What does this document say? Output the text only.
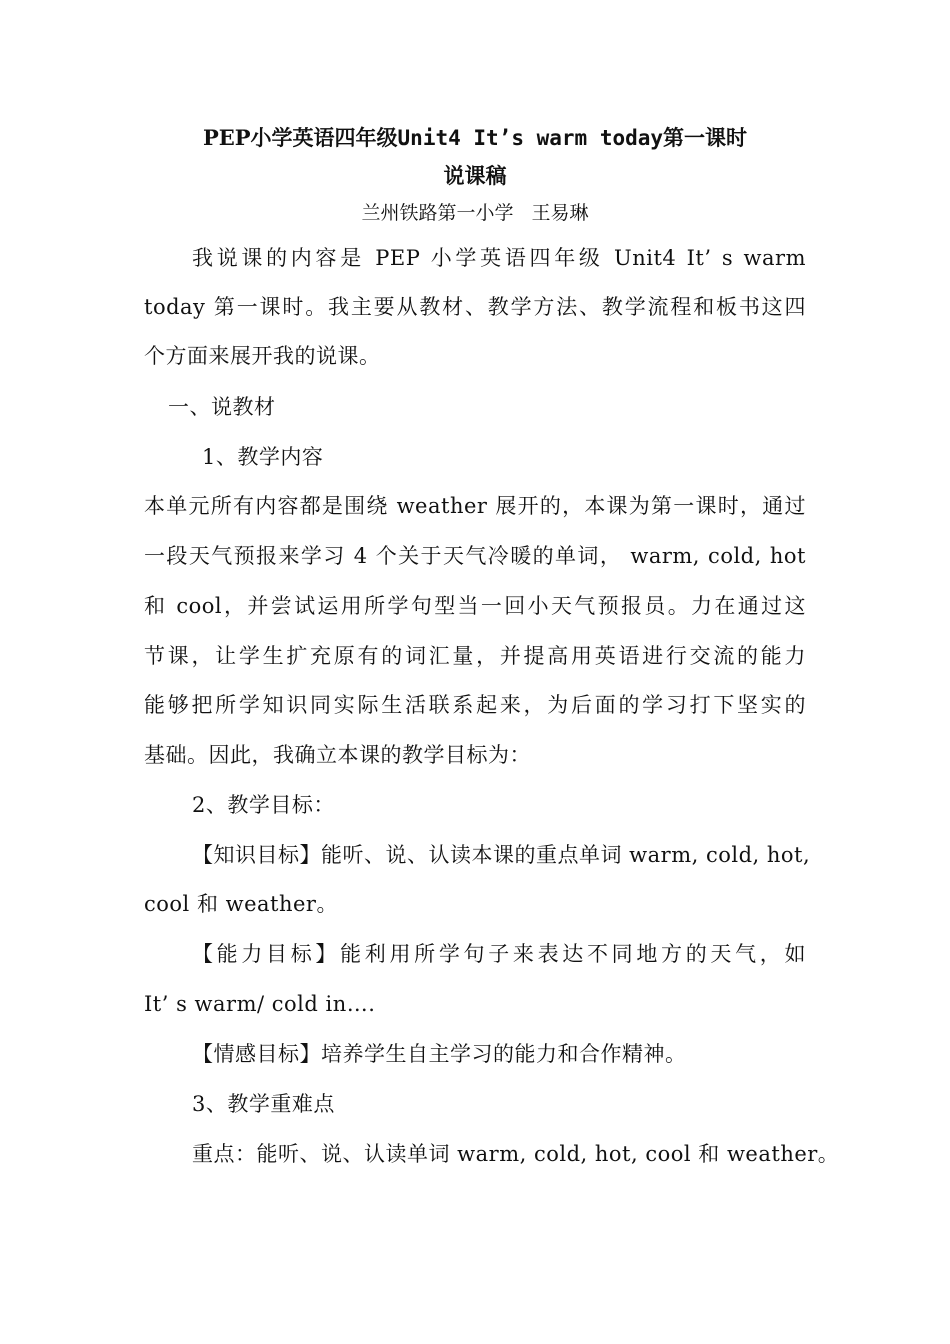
PEP小学英语四年级Unit4 It’s warm today第一课时
说课稿
兰州铁路第一小学   王易琳
我说课的内容是 PEP 小学英语四年级 Unit4 It’ s warm
today 第一课时。我主要从教材、教学方法、教学流程和板书这四
个方面来展开我的说课。
一、说教材
1、教学内容
本单元所有内容都是围绕 weather 展开的，本课为第一课时，通过
一段天气预报来学习 4 个关于天气冷暖的单词， warm, cold, hot
和 cool，并尝试运用所学句型当一回小天气预报员。力在通过这
节课，让学生扩充原有的词汇量，并提高用英语进行交流的能力
能够把所学知识同实际生活联系起来，为后面的学习打下坚实的
基础。因此，我确立本课的教学目标为：
2、教学目标：
【知识目标】能听、说、认读本课的重点单词 warm, cold, hot,
cool 和 weather。
【能力目标】能利用所学句子来表达不同地方的天气，如
It’ s warm/ cold in….
【情感目标】培养学生自主学习的能力和合作精神。
3、教学重难点
重点：能听、说、认读单词 warm, cold, hot, cool 和 weather。
